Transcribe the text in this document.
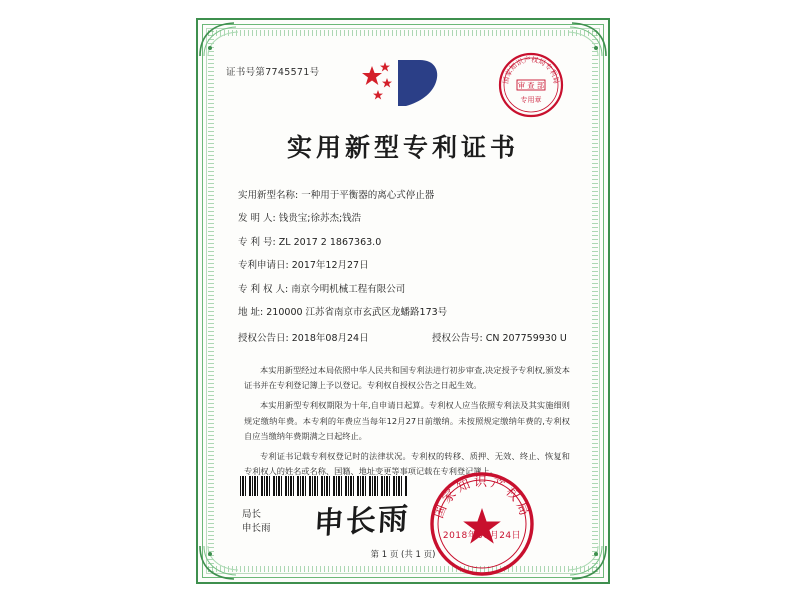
证书号第7745571号
实用新型专利证书
实用新型名称: 一种用于平衡器的离心式停止器
发 明 人: 钱贵宝;徐苏杰;钱浩
专 利 号: ZL 2017 2 1867363.0
专利申请日: 2017年12月27日
专 利 权 人: 南京今明机械工程有限公司
地 址: 210000 江苏省南京市玄武区龙蟠路173号
授权公告日: 2018年08月24日	授权公告号: CN 207759930 U

本实用新型经过本局依照中华人民共和国专利法进行初步审查,决定授予专利权,颁发本证书并在专利登记簿上予以登记。专利权自授权公告之日起生效。

本实用新型专利权期限为十年,自申请日起算。专利权人应当依照专利法及其实施细则规定缴纳年费。本专利的年费应当每年12月27日前缴纳。未按照规定缴纳年费的,专利权自应当缴纳年费期满之日起终止。

专利证书记载专利权登记时的法律状况。专利权的转移、质押、无效、终止、恢复和专利权人的姓名或名称、国籍、地址变更等事项记载在专利登记簿上。

局长
申长雨 申长雨
第 1 页 (共 1 页)
国家知识产权局专利局
审 查 部
专用章
国家知识产权局
2018年08月24日
